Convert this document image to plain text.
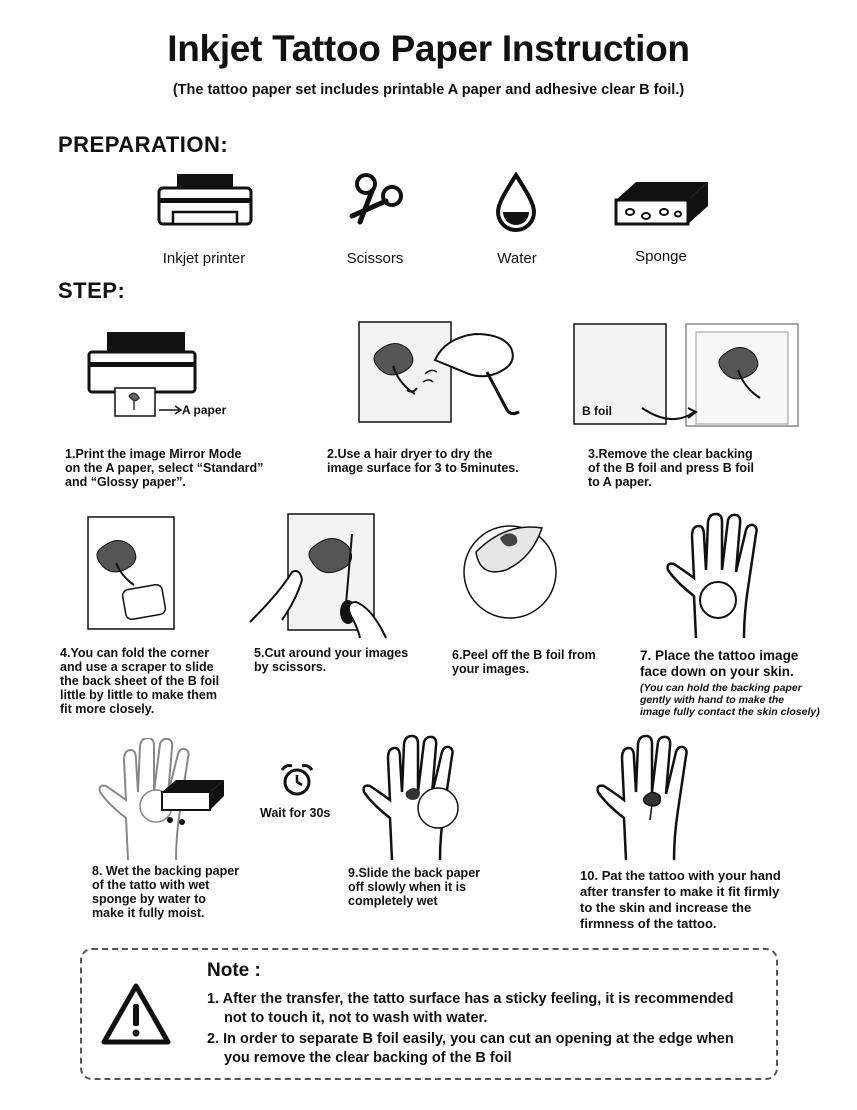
Inkjet Tattoo Paper Instruction
(The tattoo paper set includes printable A paper and adhesive clear B foil.)
PREPARATION:
Inkjet printer	Scissors	Water	Sponge
STEP:
A paper	B foil
1.Print the image Mirror Mode
on the A paper, select “Standard”
and “Glossy paper”.
2.Use a hair dryer to dry the
image surface for 3 to 5minutes.
3.Remove the clear backing
of the B foil and press B foil
to A paper.
4.You can fold the corner
and use a scraper to slide
the back sheet of the B foil
little by little to make them
fit more closely.
5.Cut around your images
by scissors.
6.Peel off the B foil from
your images.
7. Place the tattoo image
face down on your skin.
(You can hold the backing paper
gently with hand to make the
image fully contact the skin closely)
Wait for 30s
8. Wet the backing paper
of the tatto with wet
sponge by water to
make it fully moist.
9.Slide the back paper
off slowly when it is
completely wet
10. Pat the tattoo with your hand
after transfer to make it fit firmly
to the skin and increase the
firmness of the tattoo.
Note :
1. After the transfer, the tatto surface has a sticky feeling, it is recommended
not to touch it, not to wash with water.
2. In order to separate B foil easily, you can cut an opening at the edge when
you remove the clear backing of the B foil
